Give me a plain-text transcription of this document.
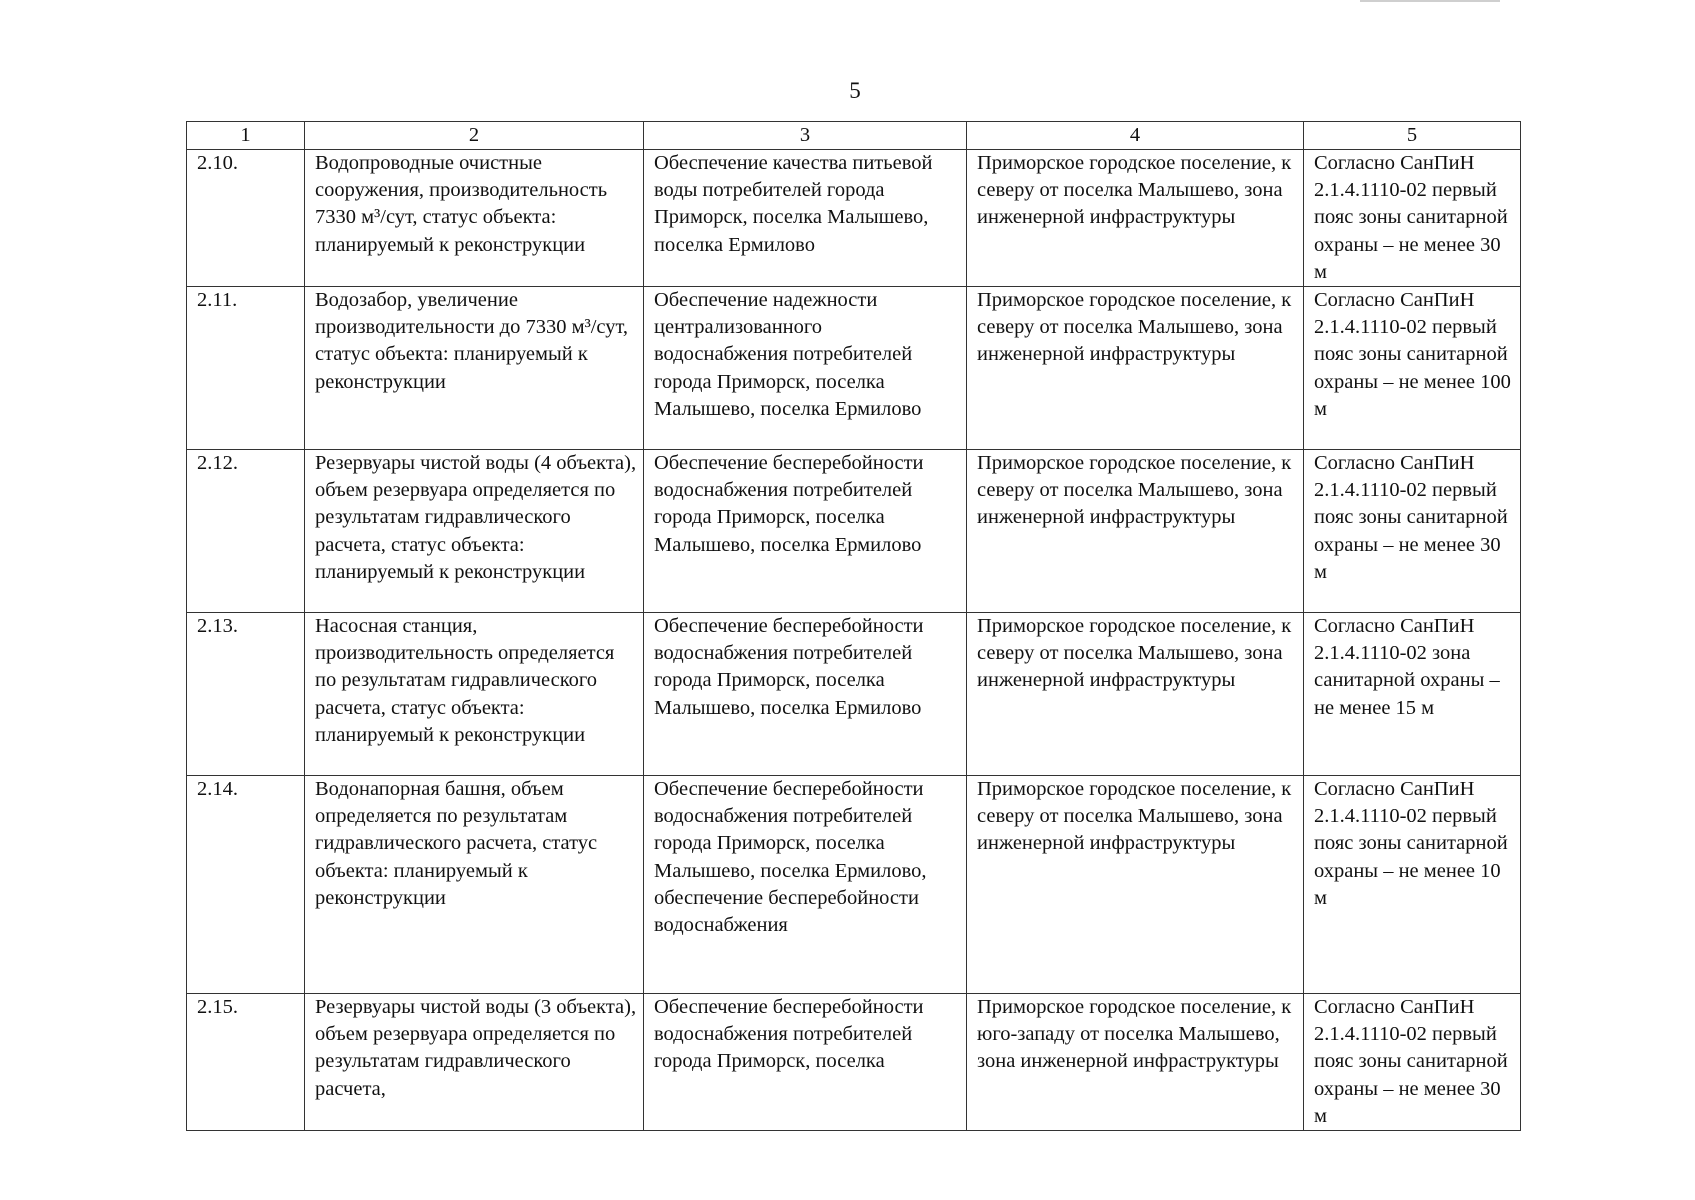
5
1	2	3	4	5
2.10.	Водопроводные очистные сооружения, производительность 7330 м³/сут, статус объекта: планируемый к реконструкции	Обеспечение качества питьевой воды потребителей города Приморск, поселка Малышево, поселка Ермилово	Приморское городское поселение, к северу от поселка Малышево, зона инженерной инфраструктуры	Согласно СанПиН 2.1.4.1110-02 первый пояс зоны санитарной охраны – не менее 30 м
2.11.	Водозабор, увеличение производительности до 7330 м³/сут, статус объекта: планируемый к реконструкции	Обеспечение надежности централизованного водоснабжения потребителей города Приморск, поселка Малышево, поселка Ермилово	Приморское городское поселение, к северу от поселка Малышево, зона инженерной инфраструктуры	Согласно СанПиН 2.1.4.1110-02 первый пояс зоны санитарной охраны – не менее 100 м
2.12.	Резервуары чистой воды (4 объекта), объем резервуара определяется по результатам гидравлического расчета, статус объекта: планируемый к реконструкции	Обеспечение бесперебойности водоснабжения потребителей города Приморск, поселка Малышево, поселка Ермилово	Приморское городское поселение, к северу от поселка Малышево, зона инженерной инфраструктуры	Согласно СанПиН 2.1.4.1110-02 первый пояс зоны санитарной охраны – не менее 30 м
2.13.	Насосная станция, производительность определяется по результатам гидравлического расчета, статус объекта: планируемый к реконструкции	Обеспечение бесперебойности водоснабжения потребителей города Приморск, поселка Малышево, поселка Ермилово	Приморское городское поселение, к северу от поселка Малышево, зона инженерной инфраструктуры	Согласно СанПиН 2.1.4.1110-02 зона санитарной охраны – не менее 15 м
2.14.	Водонапорная башня, объем определяется по результатам гидравлического расчета, статус объекта: планируемый к реконструкции	Обеспечение бесперебойности водоснабжения потребителей города Приморск, поселка Малышево, поселка Ермилово, обеспечение бесперебойности водоснабжения	Приморское городское поселение, к северу от поселка Малышево, зона инженерной инфраструктуры	Согласно СанПиН 2.1.4.1110-02 первый пояс зоны санитарной охраны – не менее 10 м
2.15.	Резервуары чистой воды (3 объекта), объем резервуара определяется по результатам гидравлического расчета,	Обеспечение бесперебойности водоснабжения потребителей города Приморск, поселка	Приморское городское поселение, к юго-западу от поселка Малышево, зона инженерной инфраструктуры	Согласно СанПиН 2.1.4.1110-02 первый пояс зоны санитарной охраны – не менее 30 м
